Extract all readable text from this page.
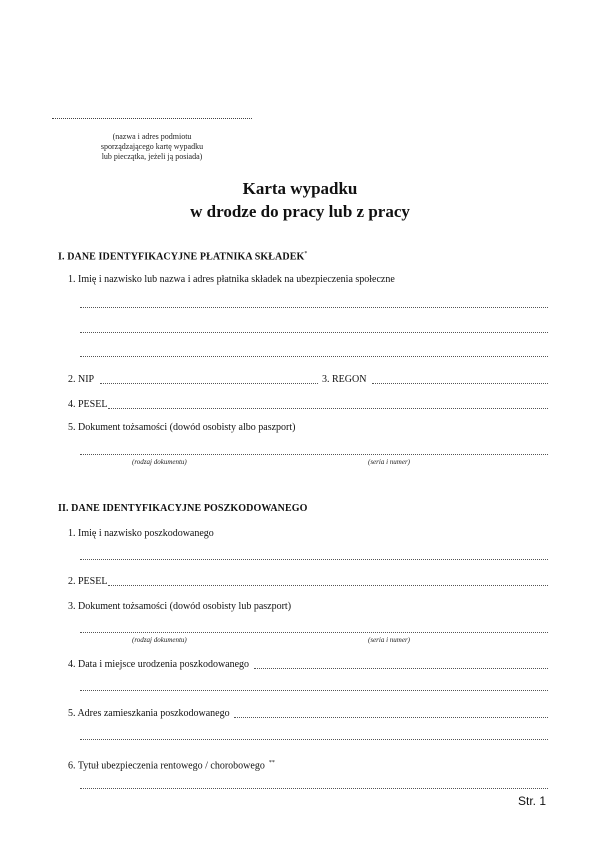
(nazwa i adres podmiotu
sporządzającego kartę wypadku
lub pieczątka, jeżeli ją posiada)
Karta wypadku
w drodze do pracy lub z pracy
I. DANE IDENTYFIKACYJNE PŁATNIKA SKŁADEK*
1. Imię i nazwisko lub nazwa i adres płatnika składek na ubezpieczenia społeczne
2. NIP	3. REGON
4. PESEL
5. Dokument tożsamości (dowód osobisty albo paszport)
(rodzaj dokumentu)	(seria i numer)
II. DANE IDENTYFIKACYJNE POSZKODOWANEGO
1. Imię i nazwisko poszkodowanego
2. PESEL
3. Dokument tożsamości (dowód osobisty lub paszport)
(rodzaj dokumentu)	(seria i numer)
4. Data i miejsce urodzenia poszkodowanego
5. Adres zamieszkania poszkodowanego
6. Tytuł ubezpieczenia rentowego / chorobowego **
Str. 1
